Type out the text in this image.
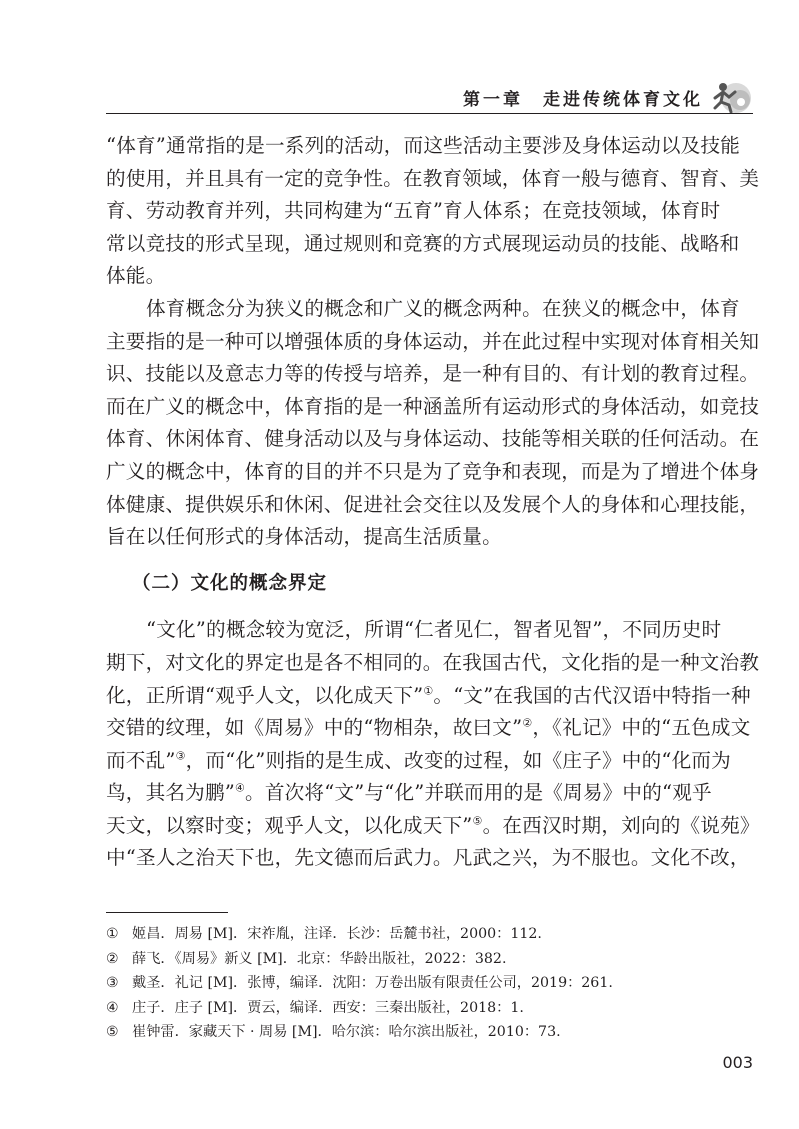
第一章　走进传统体育文化
“体育”通常指的是一系列的活动，而这些活动主要涉及身体运动以及技能
的使用，并且具有一定的竞争性。在教育领域，体育一般与德育、智育、美
育、劳动教育并列，共同构建为“五育”育人体系；在竞技领域，体育时
常以竞技的形式呈现，通过规则和竞赛的方式展现运动员的技能、战略和
体能。
体育概念分为狭义的概念和广义的概念两种。在狭义的概念中，体育
主要指的是一种可以增强体质的身体运动，并在此过程中实现对体育相关知
识、技能以及意志力等的传授与培养，是一种有目的、有计划的教育过程。
而在广义的概念中，体育指的是一种涵盖所有运动形式的身体活动，如竞技
体育、休闲体育、健身活动以及与身体运动、技能等相关联的任何活动。在
广义的概念中，体育的目的并不只是为了竞争和表现，而是为了增进个体身
体健康、提供娱乐和休闲、促进社会交往以及发展个人的身体和心理技能，
旨在以任何形式的身体活动，提高生活质量。
（二）文化的概念界定
“文化”的概念较为宽泛，所谓“仁者见仁，智者见智”，不同历史时
期下，对文化的界定也是各不相同的。在我国古代，文化指的是一种文治教
化，正所谓“观乎人文，以化成天下”①。“文”在我国的古代汉语中特指一种
交错的纹理，如《周易》中的“物相杂，故曰文”②，《礼记》中的“五色成文
而不乱”③，而“化”则指的是生成、改变的过程，如《庄子》中的“化而为
鸟，其名为鹏”④。首次将“文”与“化”并联而用的是《周易》中的“观乎
天文，以察时变；观乎人文，以化成天下”⑤。在西汉时期，刘向的《说苑》
中“圣人之治天下也，先文德而后武力。凡武之兴，为不服也。文化不改，
① 姬昌．周易 [M]．宋祚胤，注译．长沙：岳麓书社，2000：112.
② 薛飞．《周易》新义 [M]．北京：华龄出版社，2022：382.
③ 戴圣．礼记 [M]．张博，编译．沈阳：万卷出版有限责任公司，2019：261.
④ 庄子．庄子 [M]．贾云，编译．西安：三秦出版社，2018：1.
⑤ 崔钟雷．家藏天下 · 周易 [M]．哈尔滨：哈尔滨出版社，2010：73.
003
